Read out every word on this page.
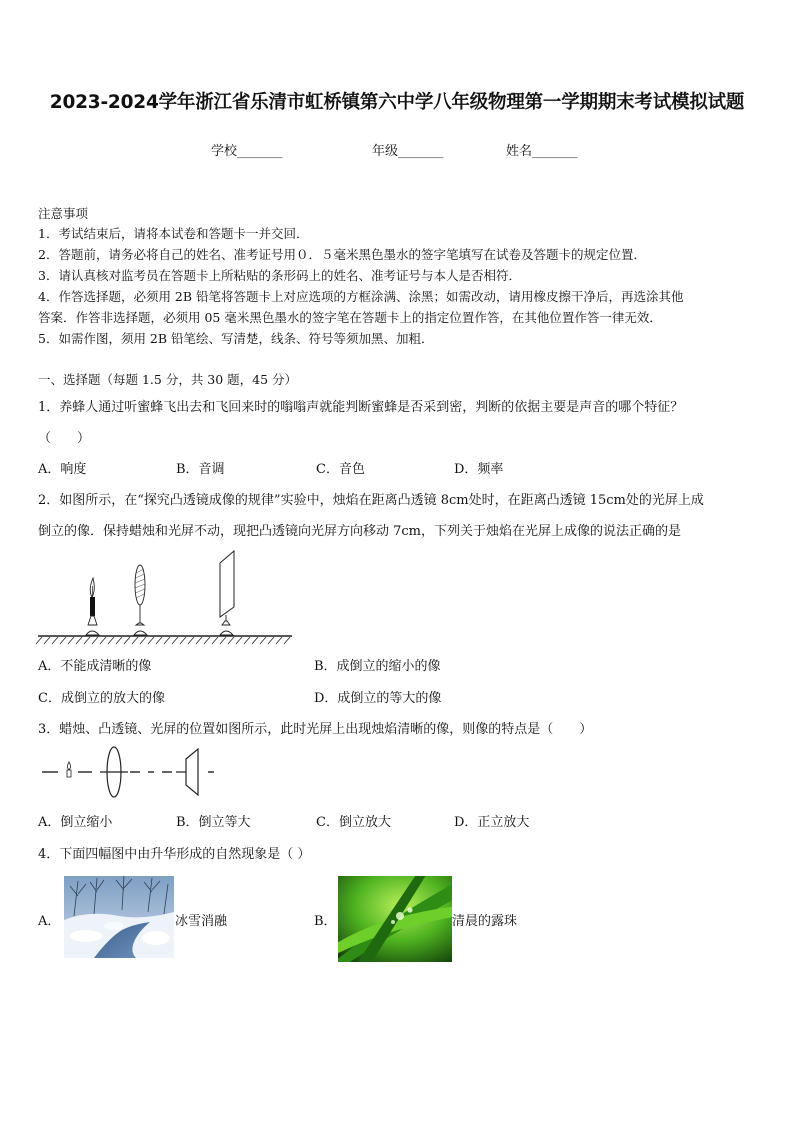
2023-2024学年浙江省乐清市虹桥镇第六中学八年级物理第一学期期末考试模拟试题
学校_______	年级_______	姓名_______
注意事项
1．考试结束后，请将本试卷和答题卡一并交回．
2．答题前，请务必将自己的姓名、准考证号用０．５毫米黑色墨水的签字笔填写在试卷及答题卡的规定位置．
3．请认真核对监考员在答题卡上所粘贴的条形码上的姓名、准考证号与本人是否相符．
4．作答选择题，必须用 2B 铅笔将答题卡上对应选项的方框涂满、涂黑；如需改动，请用橡皮擦干净后，再选涂其他
答案．作答非选择题，必须用 05 毫米黑色墨水的签字笔在答题卡上的指定位置作答，在其他位置作答一律无效．
5．如需作图，须用 2B 铅笔绘、写清楚，线条、符号等须加黑、加粗．
一、选择题（每题 1.5 分，共 30 题，45 分）
1．养蜂人通过听蜜蜂飞出去和飞回来时的嗡嗡声就能判断蜜蜂是否采到密，判断的依据主要是声音的哪个特征？
（　　）
A．响度	B．音调	C．音色	D．频率
2．如图所示，在“探究凸透镜成像的规律”实验中，烛焰在距离凸透镜 8cm处时，在距离凸透镜 15cm处的光屏上成
倒立的像．保持蜡烛和光屏不动，现把凸透镜向光屏方向移动 7cm，下列关于烛焰在光屏上成像的说法正确的是
A．不能成清晰的像	B．成倒立的缩小的像
C．成倒立的放大的像	D．成倒立的等大的像
3．蜡烛、凸透镜、光屏的位置如图所示，此时光屏上出现烛焰清晰的像，则像的特点是（　　）
A．倒立缩小	B．倒立等大	C．倒立放大	D．正立放大
4．下面四幅图中由升华形成的自然现象是（ ）
A．	冰雪消融	B．	清晨的露珠
